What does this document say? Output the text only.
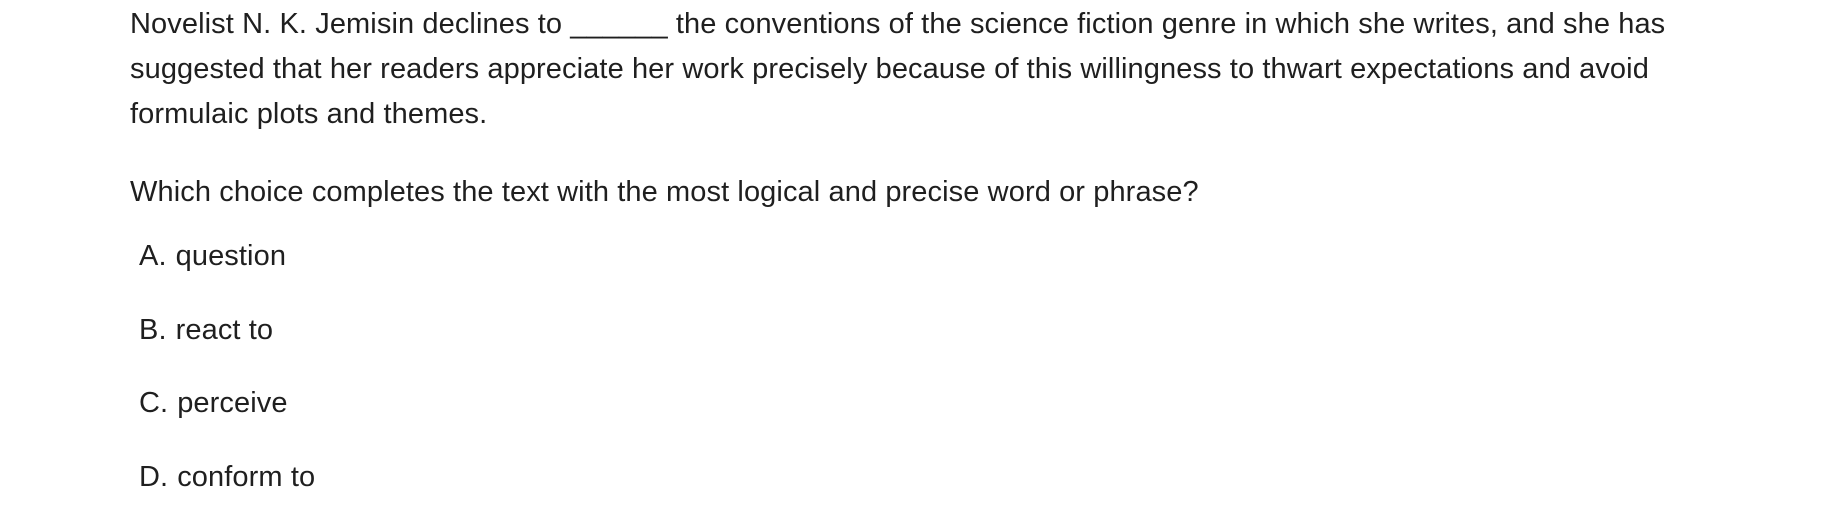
Novelist N. K. Jemisin declines to ______ the conventions of the science fiction genre in which she writes, and she has suggested that her readers appreciate her work precisely because of this willingness to thwart expectations and avoid formulaic plots and themes.

Which choice completes the text with the most logical and precise word or phrase?

A. question
B. react to
C. perceive
D. conform to
